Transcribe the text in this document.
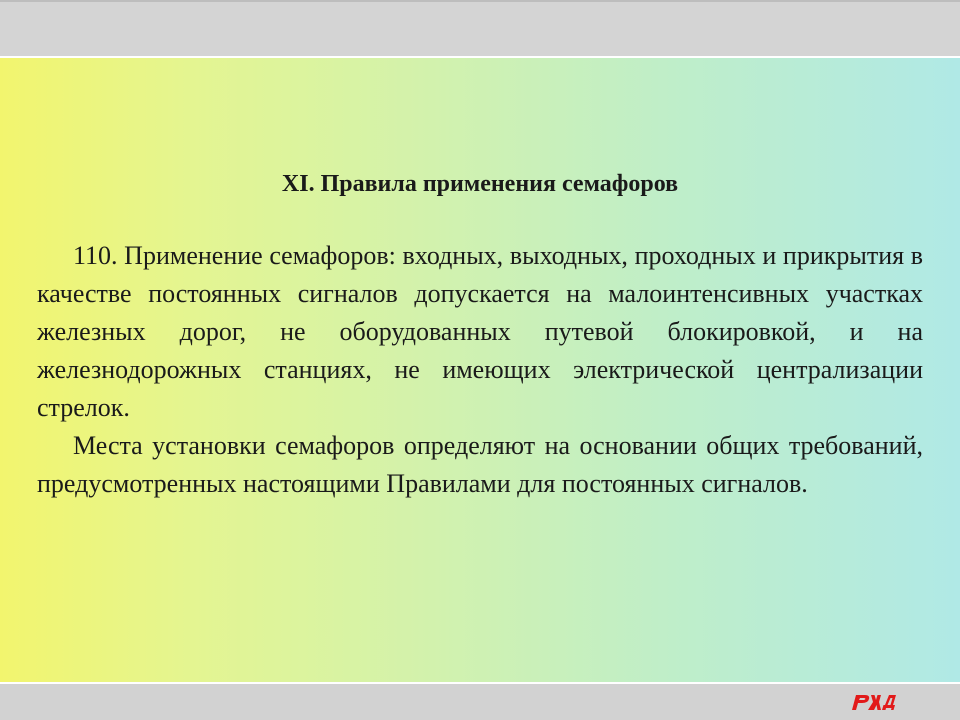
XI. Правила применения семафоров

110. Применение семафоров: входных, выходных, проходных и прикрытия в качестве постоянных сигналов допускается на малоинтенсивных участках железных дорог, не оборудованных путевой блокировкой, и на железнодорожных станциях, не имеющих электрической централизации стрелок.

Места установки семафоров определяют на основании общих требований, предусмотренных настоящими Правилами для постоянных сигналов.
